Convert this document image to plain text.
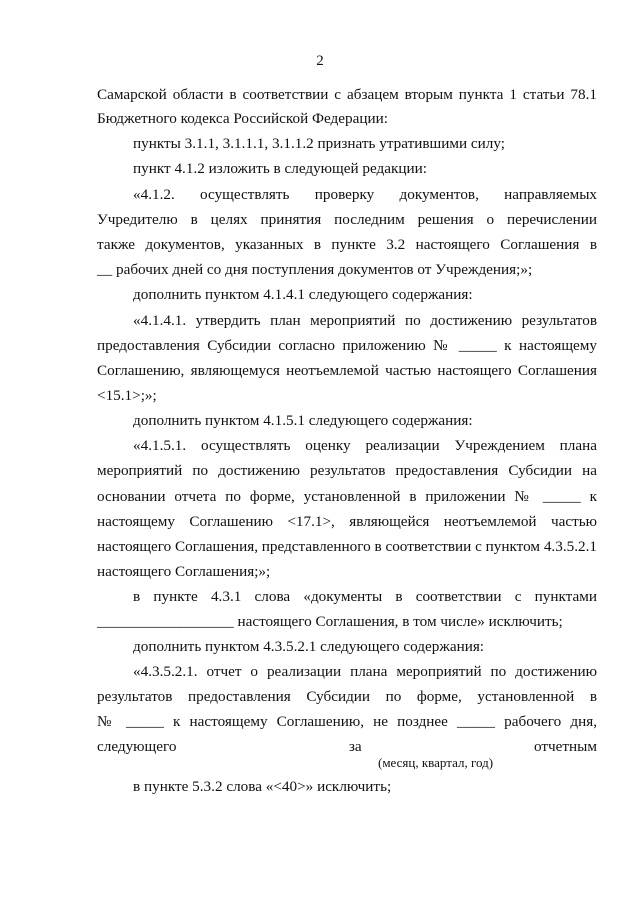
2
Самарской области в соответствии с абзацем вторым пункта 1 статьи 78.1
Бюджетного кодекса Российской Федерации:
пункты 3.1.1, 3.1.1.1, 3.1.1.2 признать утратившими силу;
пункт 4.1.2 изложить в следующей редакции:
«4.1.2. осуществлять проверку документов, направляемых
Учредителю в целях принятия последним решения о перечислении
также документов, указанных в пункте 3.2 настоящего Соглашения в
__ рабочих дней со дня поступления документов от Учреждения;»;
дополнить пунктом 4.1.4.1 следующего содержания:
«4.1.4.1. утвердить план мероприятий по достижению результатов
предоставления Субсидии согласно приложению № _____ к настоящему
Соглашению, являющемуся неотъемлемой частью настоящего Соглашения
<15.1>;»;
дополнить пунктом 4.1.5.1 следующего содержания:
«4.1.5.1. осуществлять оценку реализации Учреждением плана
мероприятий по достижению результатов предоставления Субсидии на
основании отчета по форме, установленной в приложении № _____ к
настоящему Соглашению <17.1>, являющейся неотъемлемой частью
настоящего Соглашения, представленного в соответствии с пунктом 4.3.5.2.1
настоящего Соглашения;»;
в пункте 4.3.1 слова «документы в соответствии с пунктами
__________________ настоящего Соглашения, в том числе» исключить;
дополнить пунктом 4.3.5.2.1 следующего содержания:
«4.3.5.2.1. отчет о реализации плана мероприятий по достижению
результатов предоставления Субсидии по форме, установленной в
№ _____ к настоящему Соглашению, не позднее _____ рабочего дня,
следующего за отчетным
(месяц, квартал, год)
в пункте 5.3.2 слова «<40>» исключить;
